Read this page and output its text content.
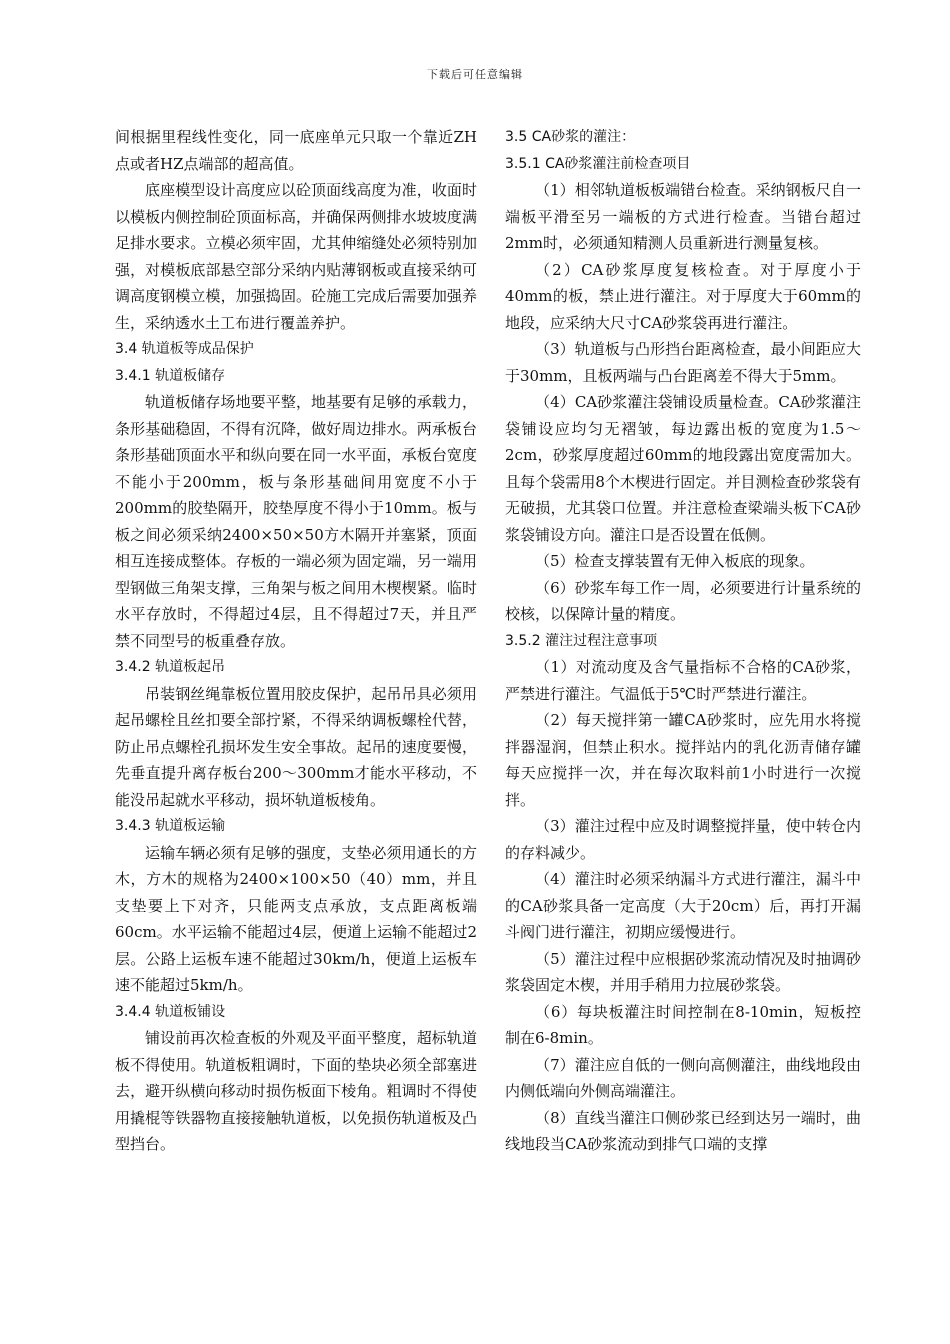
下载后可任意编辑

间根据里程线性变化，同一底座单元只取一个靠近ZH点或者HZ点端部的超高值。

底座模型设计高度应以砼顶面线高度为准，收面时以模板内侧控制砼顶面标高，并确保两侧排水坡坡度满足排水要求。立模必须牢固，尤其伸缩缝处必须特别加强，对模板底部悬空部分采纳内贴薄钢板或直接采纳可调高度钢模立模，加强捣固。砼施工完成后需要加强养生，采纳透水土工布进行覆盖养护。

3.4 轨道板等成品保护
3.4.1 轨道板储存

轨道板储存场地要平整，地基要有足够的承载力，条形基础稳固，不得有沉降，做好周边排水。两承板台条形基础顶面水平和纵向要在同一水平面，承板台宽度不能小于200mm，板与条形基础间用宽度不小于200mm的胶垫隔开，胶垫厚度不得小于10mm。板与板之间必须采纳2400×50×50方木隔开并塞紧，顶面相互连接成整体。存板的一端必须为固定端，另一端用型钢做三角架支撑，三角架与板之间用木楔楔紧。临时水平存放时，不得超过4层，且不得超过7天，并且严禁不同型号的板重叠存放。

3.4.2 轨道板起吊

吊装钢丝绳靠板位置用胶皮保护，起吊吊具必须用起吊螺栓且丝扣要全部拧紧，不得采纳调板螺栓代替，防止吊点螺栓孔损坏发生安全事故。起吊的速度要慢，先垂直提升离存板台200～300mm才能水平移动，不能没吊起就水平移动，损坏轨道板棱角。

3.4.3 轨道板运输

运输车辆必须有足够的强度，支垫必须用通长的方木，方木的规格为2400×100×50（40）mm，并且支垫要上下对齐，只能两支点承放，支点距离板端60cm。水平运输不能超过4层，便道上运输不能超过2层。公路上运板车速不能超过30km/h，便道上运板车速不能超过5km/h。

3.4.4 轨道板铺设

铺设前再次检查板的外观及平面平整度，超标轨道板不得使用。轨道板粗调时，下面的垫块必须全部塞进去，避开纵横向移动时损伤板面下棱角。粗调时不得使用撬棍等铁器物直接接触轨道板，以免损伤轨道板及凸型挡台。

3.5 CA砂浆的灌注：
3.5.1 CA砂浆灌注前检查项目

（1）相邻轨道板板端错台检查。采纳钢板尺自一端板平滑至另一端板的方式进行检查。当错台超过2mm时，必须通知精测人员重新进行测量复核。

（2）CA砂浆厚度复核检查。对于厚度小于40mm的板，禁止进行灌注。对于厚度大于60mm的地段，应采纳大尺寸CA砂浆袋再进行灌注。

（3）轨道板与凸形挡台距离检查，最小间距应大于30mm，且板两端与凸台距离差不得大于5mm。

（4）CA砂浆灌注袋铺设质量检查。CA砂浆灌注袋铺设应均匀无褶皱，每边露出板的宽度为1.5～2cm，砂浆厚度超过60mm的地段露出宽度需加大。且每个袋需用8个木楔进行固定。并目测检查砂浆袋有无破损，尤其袋口位置。并注意检查梁端头板下CA砂浆袋铺设方向。灌注口是否设置在低侧。

（5）检查支撑装置有无伸入板底的现象。

（6）砂浆车每工作一周，必须要进行计量系统的校核，以保障计量的精度。

3.5.2 灌注过程注意事项

（1）对流动度及含气量指标不合格的CA砂浆，严禁进行灌注。气温低于5℃时严禁进行灌注。

（2）每天搅拌第一罐CA砂浆时，应先用水将搅拌器湿润，但禁止积水。搅拌站内的乳化沥青储存罐每天应搅拌一次，并在每次取料前1小时进行一次搅拌。

（3）灌注过程中应及时调整搅拌量，使中转仓内的存料减少。

（4）灌注时必须采纳漏斗方式进行灌注，漏斗中的CA砂浆具备一定高度（大于20cm）后，再打开漏斗阀门进行灌注，初期应缓慢进行。

（5）灌注过程中应根据砂浆流动情况及时抽调砂浆袋固定木楔，并用手稍用力拉展砂浆袋。

（6）每块板灌注时间控制在8-10min，短板控制在6-8min。

（7）灌注应自低的一侧向高侧灌注，曲线地段由内侧低端向外侧高端灌注。

（8）直线当灌注口侧砂浆已经到达另一端时，曲线地段当CA砂浆流动到排气口端的支撑
